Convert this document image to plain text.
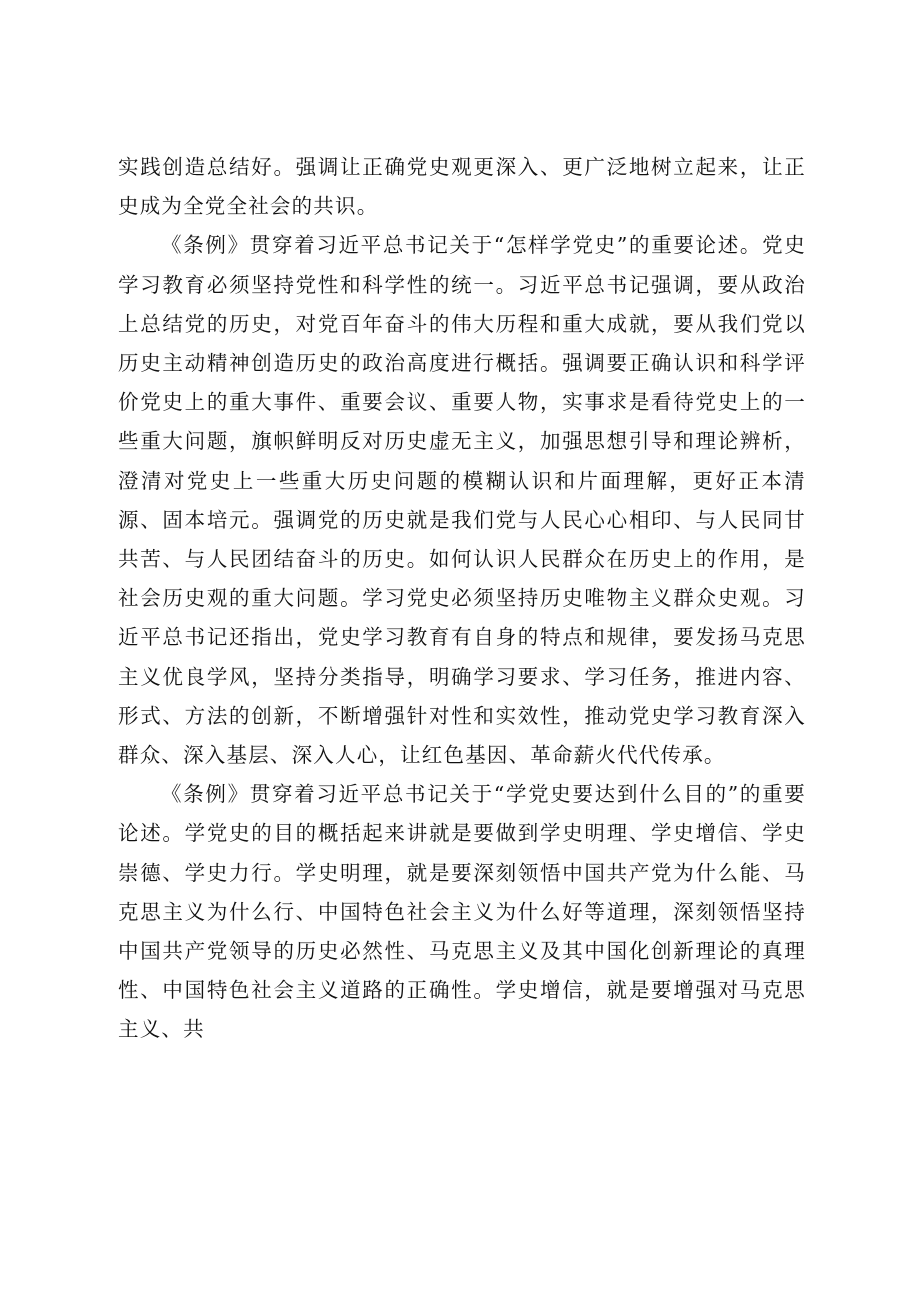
实践创造总结好。强调让正确党史观更深入、更广泛地树立起来，让正史成为全党全社会的共识。

《条例》贯穿着习近平总书记关于“怎样学党史”的重要论述。党史学习教育必须坚持党性和科学性的统一。习近平总书记强调，要从政治上总结党的历史，对党百年奋斗的伟大历程和重大成就，要从我们党以历史主动精神创造历史的政治高度进行概括。强调要正确认识和科学评价党史上的重大事件、重要会议、重要人物，实事求是看待党史上的一些重大问题，旗帜鲜明反对历史虚无主义，加强思想引导和理论辨析，澄清对党史上一些重大历史问题的模糊认识和片面理解，更好正本清源、固本培元。强调党的历史就是我们党与人民心心相印、与人民同甘共苦、与人民团结奋斗的历史。如何认识人民群众在历史上的作用，是社会历史观的重大问题。学习党史必须坚持历史唯物主义群众史观。习近平总书记还指出，党史学习教育有自身的特点和规律，要发扬马克思主义优良学风，坚持分类指导，明确学习要求、学习任务，推进内容、形式、方法的创新，不断增强针对性和实效性，推动党史学习教育深入群众、深入基层、深入人心，让红色基因、革命薪火代代传承。

《条例》贯穿着习近平总书记关于“学党史要达到什么目的”的重要论述。学党史的目的概括起来讲就是要做到学史明理、学史增信、学史崇德、学史力行。学史明理，就是要深刻领悟中国共产党为什么能、马克思主义为什么行、中国特色社会主义为什么好等道理，深刻领悟坚持中国共产党领导的历史必然性、马克思主义及其中国化创新理论的真理性、中国特色社会主义道路的正确性。学史增信，就是要增强对马克思主义、共
